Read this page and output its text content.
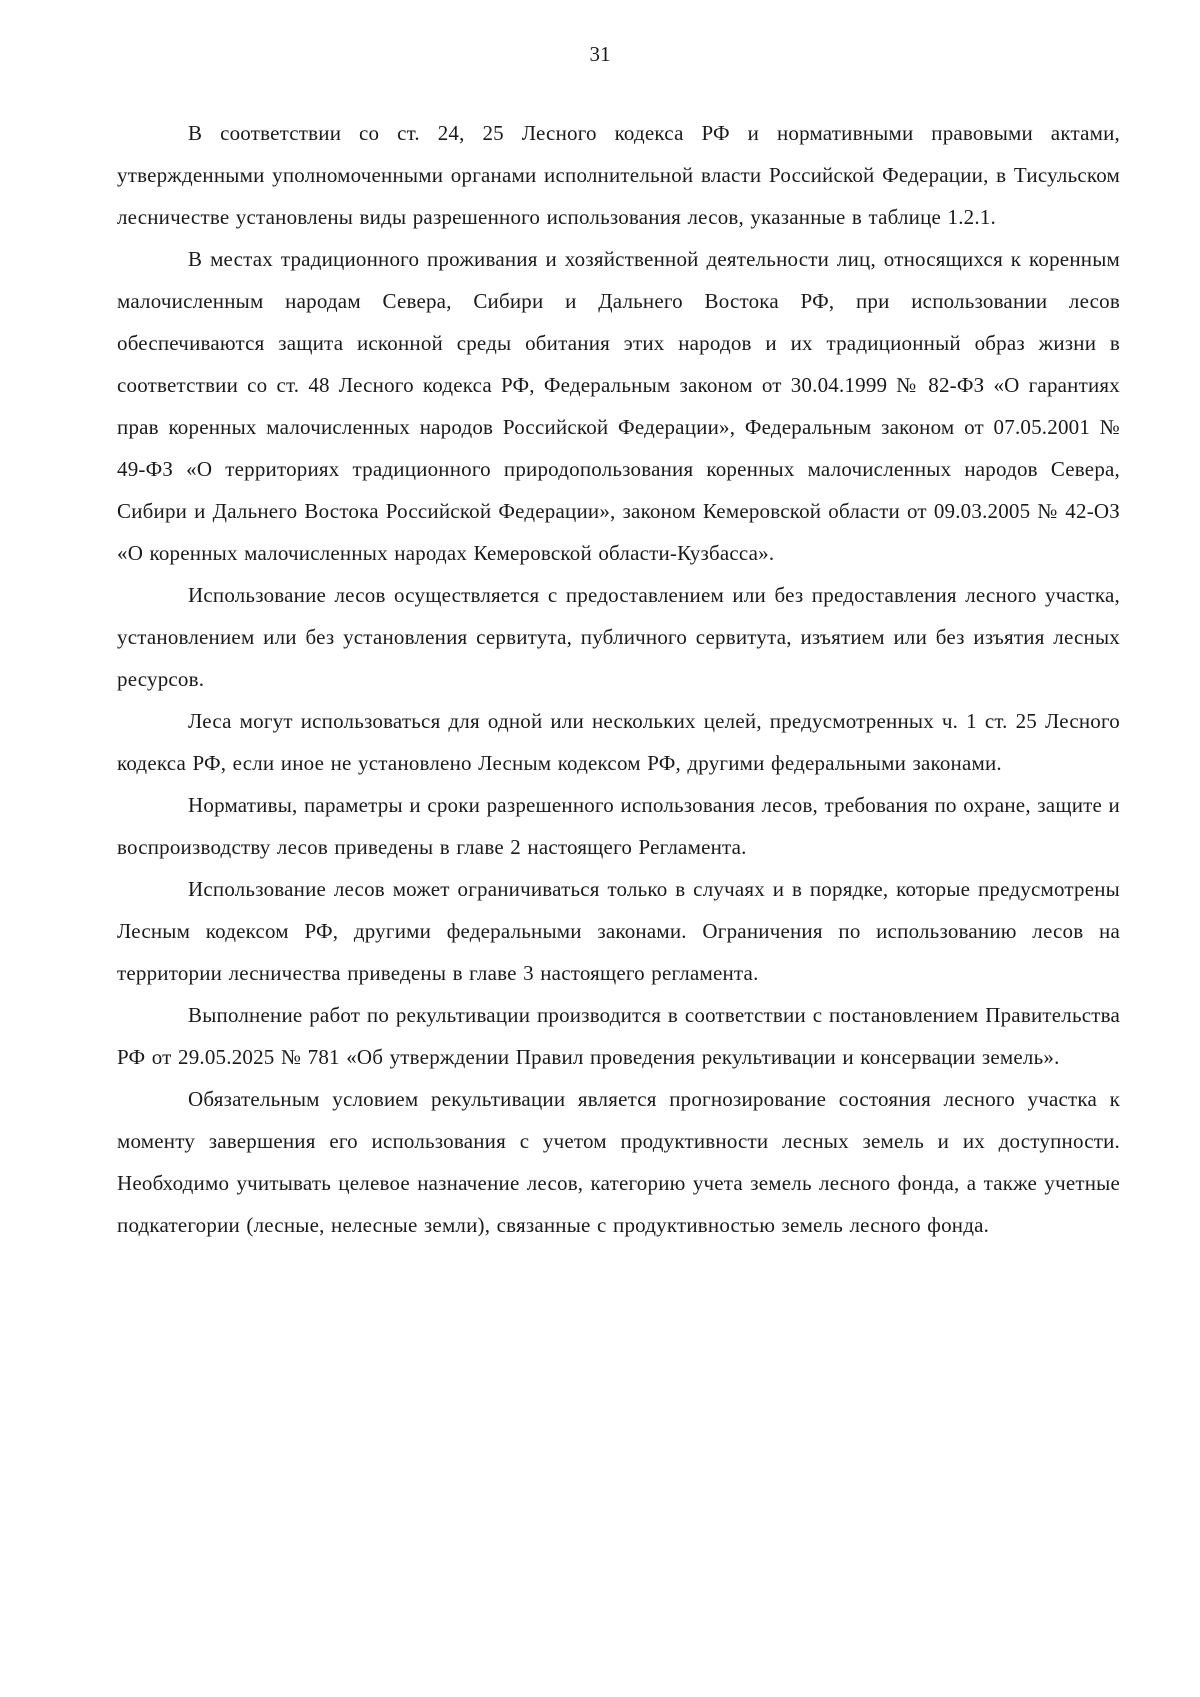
31

В соответствии со ст. 24, 25 Лесного кодекса РФ и нормативными правовыми актами, утвержденными уполномоченными органами исполнительной власти Российской Федерации, в Тисульском лесничестве установлены виды разрешенного использования лесов, указанные в таблице 1.2.1.

В местах традиционного проживания и хозяйственной деятельности лиц, относящихся к коренным малочисленным народам Севера, Сибири и Дальнего Востока РФ, при использовании лесов обеспечиваются защита исконной среды обитания этих народов и их традиционный образ жизни в соответствии со ст. 48 Лесного кодекса РФ, Федеральным законом от 30.04.1999 № 82-ФЗ «О гарантиях прав коренных малочисленных народов Российской Федерации», Федеральным законом от 07.05.2001 № 49-ФЗ «О территориях традиционного природопользования коренных малочисленных народов Севера, Сибири и Дальнего Востока Российской Федерации», законом Кемеровской области от 09.03.2005 № 42-ОЗ «О коренных малочисленных народах Кемеровской области-Кузбасса».

Использование лесов осуществляется с предоставлением или без предоставления лесного участка, установлением или без установления сервитута, публичного сервитута, изъятием или без изъятия лесных ресурсов.

Леса могут использоваться для одной или нескольких целей, предусмотренных ч. 1 ст. 25 Лесного кодекса РФ, если иное не установлено Лесным кодексом РФ, другими федеральными законами.

Нормативы, параметры и сроки разрешенного использования лесов, требования по охране, защите и воспроизводству лесов приведены в главе 2 настоящего Регламента.

Использование лесов может ограничиваться только в случаях и в порядке, которые предусмотрены Лесным кодексом РФ, другими федеральными законами. Ограничения по использованию лесов на территории лесничества приведены в главе 3 настоящего регламента.

Выполнение работ по рекультивации производится в соответствии с постановлением Правительства РФ от 29.05.2025 № 781 «Об утверждении Правил проведения рекультивации и консервации земель».

Обязательным условием рекультивации является прогнозирование состояния лесного участка к моменту завершения его использования с учетом продуктивности лесных земель и их доступности. Необходимо учитывать целевое назначение лесов, категорию учета земель лесного фонда, а также учетные подкатегории (лесные, нелесные земли), связанные с продуктивностью земель лесного фонда.
